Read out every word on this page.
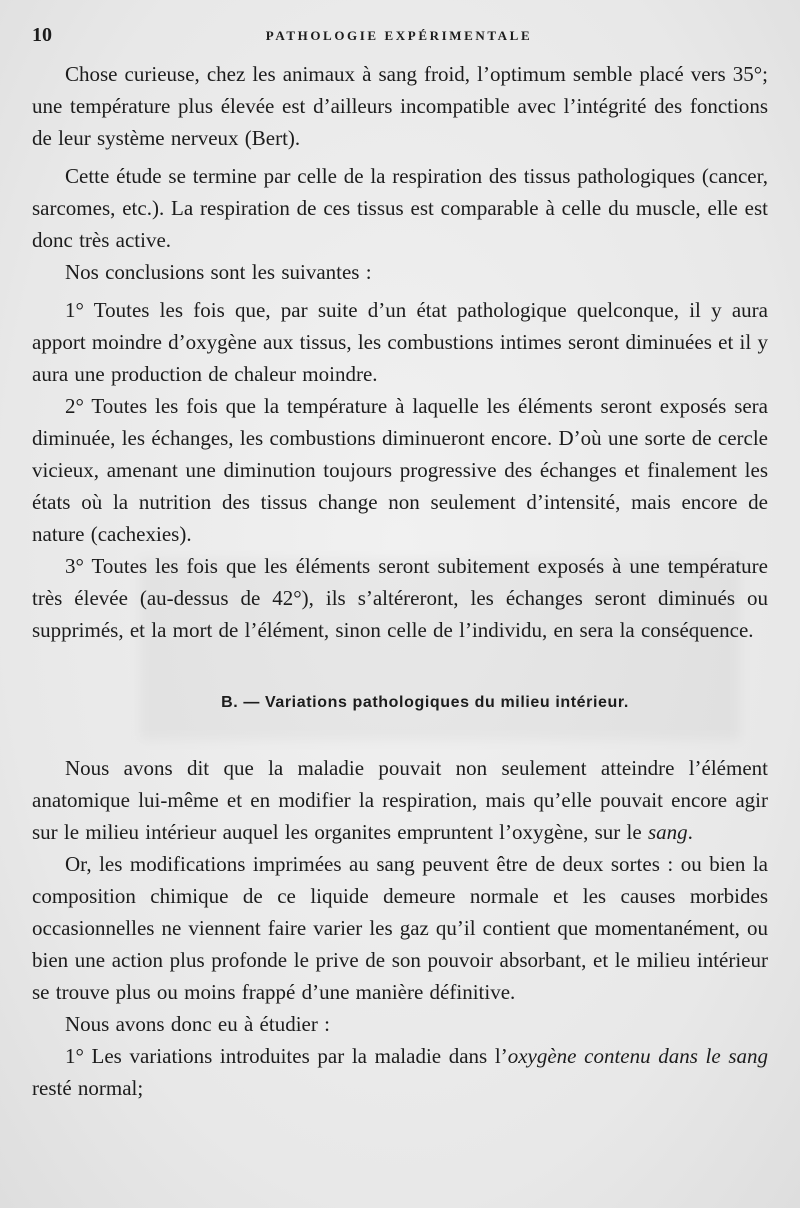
10	PATHOLOGIE EXPÉRIMENTALE

Chose curieuse, chez les animaux à sang froid, l’optimum semble placé vers 35°; une température plus élevée est d’ailleurs incompatible avec l’intégrité des fonctions de leur système nerveux (Bert).

Cette étude se termine par celle de la respiration des tissus pathologiques (cancer, sarcomes, etc.). La respiration de ces tissus est comparable à celle du muscle, elle est donc très active.

Nos conclusions sont les suivantes :

1° Toutes les fois que, par suite d’un état pathologique quelconque, il y aura apport moindre d’oxygène aux tissus, les combustions intimes seront diminuées et il y aura une production de chaleur moindre.

2° Toutes les fois que la température à laquelle les éléments seront exposés sera diminuée, les échanges, les combustions diminueront encore. D’où une sorte de cercle vicieux, amenant une diminution toujours progressive des échanges et finalement les états où la nutrition des tissus change non seulement d’intensité, mais encore de nature (cachexies).

3° Toutes les fois que les éléments seront subitement exposés à une température très élevée (au-dessus de 42°), ils s’altéreront, les échanges seront diminués ou supprimés, et la mort de l’élément, sinon celle de l’individu, en sera la conséquence.

B. — Variations pathologiques du milieu intérieur.

Nous avons dit que la maladie pouvait non seulement atteindre l’élément anatomique lui-même et en modifier la respiration, mais qu’elle pouvait encore agir sur le milieu intérieur auquel les organites empruntent l’oxygène, sur le sang.

Or, les modifications imprimées au sang peuvent être de deux sortes : ou bien la composition chimique de ce liquide demeure normale et les causes morbides occasionnelles ne viennent faire varier les gaz qu’il contient que momentanément, ou bien une action plus profonde le prive de son pouvoir absorbant, et le milieu intérieur se trouve plus ou moins frappé d’une manière définitive.

Nous avons donc eu à étudier :

1° Les variations introduites par la maladie dans l’oxygène contenu dans le sang resté normal;
